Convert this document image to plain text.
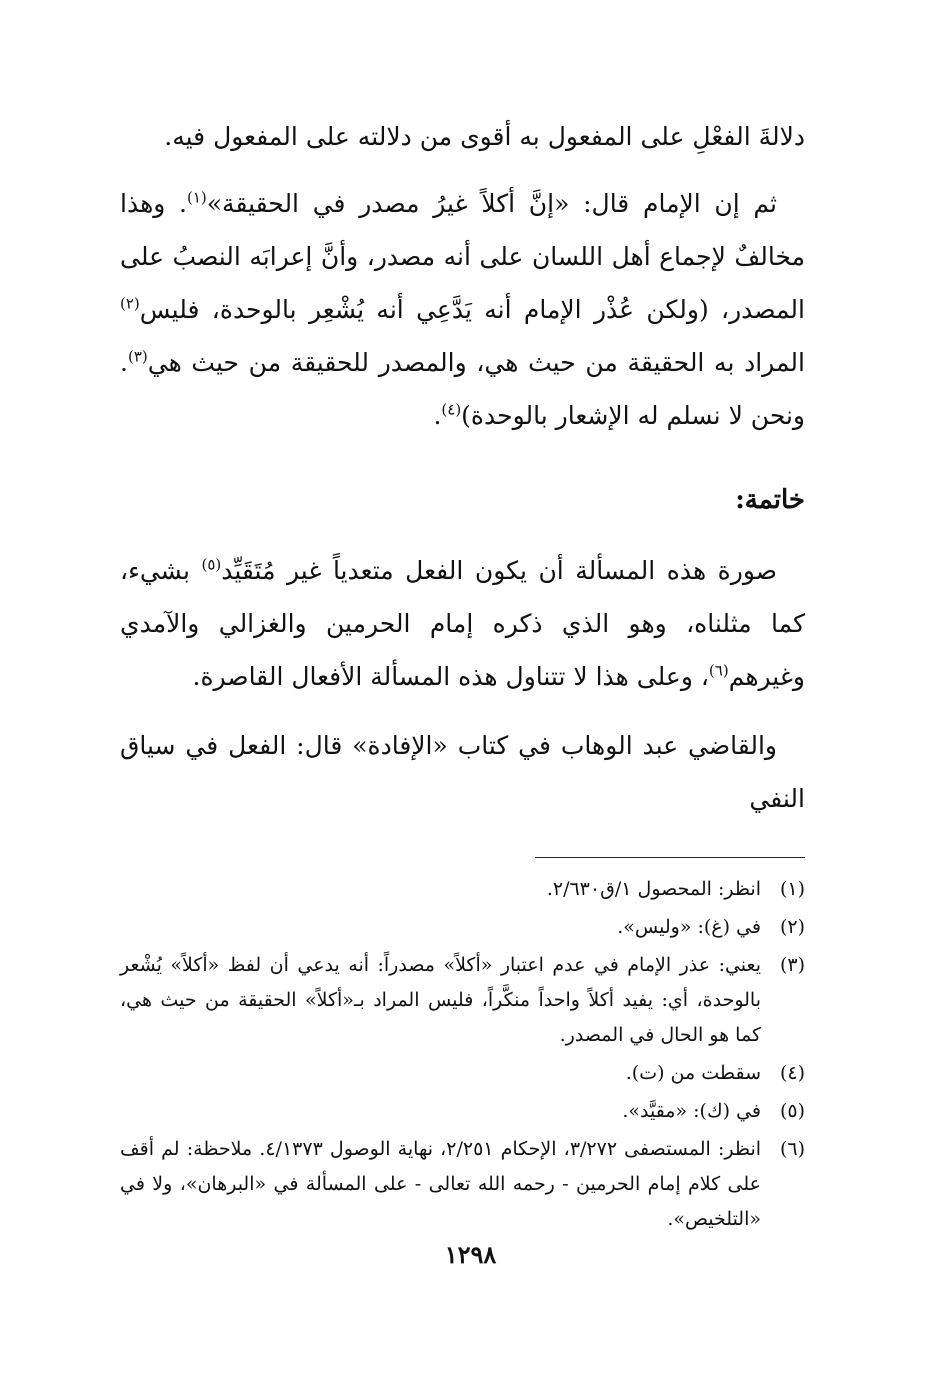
دلالةَ الفعْلِ على المفعول به أقوى من دلالته على المفعول فيه.

ثم إن الإمام قال: «إنَّ أكلاً غيرُ مصدر في الحقيقة»$^{(١)}$. وهذا مخالفٌ لإجماع أهل اللسان على أنه مصدر، وأنَّ إعرابَه النصبُ على المصدر، (ولكن عُذْر الإمام أنه يَدَّعِي أنه يُشْعِر بالوحدة، فليس$^{(٢)}$ المراد به الحقيقة من حيث هي، والمصدر للحقيقة من حيث هي$^{(٣)}$. ونحن لا نسلم له الإشعار بالوحدة)$^{(٤)}$.

خاتمة:

صورة هذه المسألة أن يكون الفعل متعدياً غير مُتَقَيِّد$^{(٥)}$ بشيء، كما مثلناه، وهو الذي ذكره إمام الحرمين والغزالي والآمدي وغيرهم$^{(٦)}$، وعلى هذا لا تتناول هذه المسألة الأفعال القاصرة.

والقاضي عبد الوهاب في كتاب «الإفادة» قال: الفعل في سياق النفي

(١)
انظر: المحصول ١/ق٢/٦٣٠.
(٢)
في (غ): «وليس».
(٣)
يعني: عذر الإمام في عدم اعتبار «أكلاً» مصدراً: أنه يدعي أن لفظ «أكلاً» يُشْعر بالوحدة، أي: يفيد أكلاً واحداً منكَّراً، فليس المراد بـ«أكلاً» الحقيقة من حيث هي، كما هو الحال في المصدر.
(٤)
سقطت من (ت).
(٥)
في (ك): «مقيَّد».
(٦)
انظر: المستصفى ٣/٢٧٢، الإحكام ٢/٢٥١، نهاية الوصول ٤/١٣٧٣. ملاحظة: لم أقف على كلام إمام الحرمين - رحمه الله تعالى - على المسألة في «البرهان»، ولا في «التلخيص».
١٢٩٨
